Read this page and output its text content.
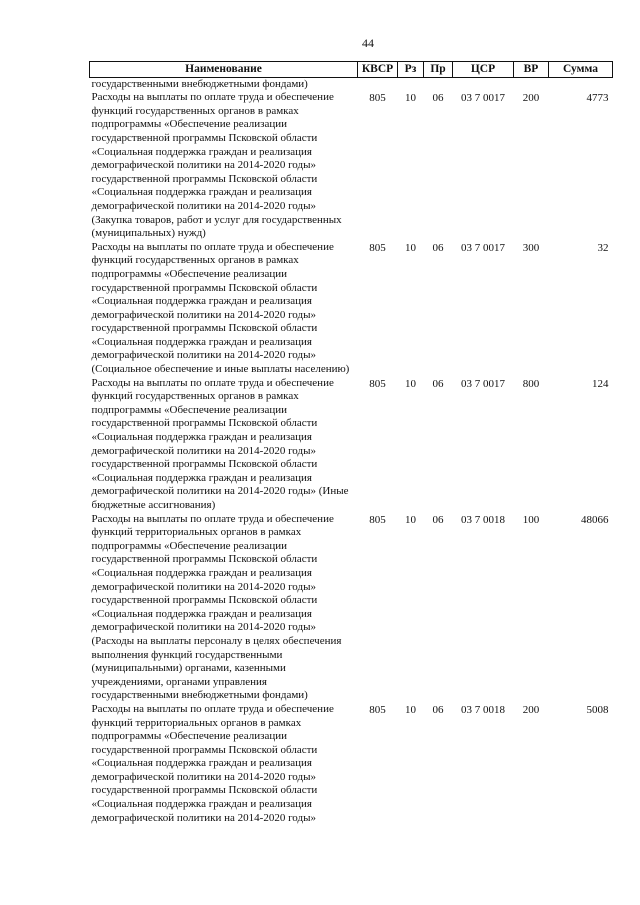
44
Наименование	КВСР	Рз	Пр	ЦСР	ВР	Сумма
государственными внебюджетными фондами)						
Расходы на выплаты по оплате труда и обеспечение функций государственных органов в рамках подпрограммы «Обеспечение реализации государственной программы Псковской области «Социальная поддержка граждан и реализация демографической политики на 2014-2020 годы» государственной программы Псковской области «Социальная поддержка граждан и реализация демографической политики на 2014-2020 годы» (Закупка товаров, работ и услуг для государственных (муниципальных) нужд)	805	10	06	03 7 0017	200	4773
Расходы на выплаты по оплате труда и обеспечение функций государственных органов в рамках подпрограммы «Обеспечение реализации государственной программы Псковской области «Социальная поддержка граждан и реализация демографической политики на 2014-2020 годы» государственной программы Псковской области «Социальная поддержка граждан и реализация демографической политики на 2014-2020 годы» (Социальное обеспечение и иные выплаты населению)	805	10	06	03 7 0017	300	32
Расходы на выплаты по оплате труда и обеспечение функций государственных органов в рамках подпрограммы «Обеспечение реализации государственной программы Псковской области «Социальная поддержка граждан и реализация демографической политики на 2014-2020 годы» государственной программы Псковской области «Социальная поддержка граждан и реализация демографической политики на 2014-2020 годы» (Иные бюджетные ассигнования)	805	10	06	03 7 0017	800	124
Расходы на выплаты по оплате труда и обеспечение функций территориальных органов в рамках подпрограммы «Обеспечение реализации государственной программы Псковской области «Социальная поддержка граждан и реализация демографической политики на 2014-2020 годы» государственной программы Псковской области «Социальная поддержка граждан и реализация демографической политики на 2014-2020 годы» (Расходы на выплаты персоналу в целях обеспечения выполнения функций государственными (муниципальными) органами, казенными учреждениями, органами управления государственными внебюджетными фондами)	805	10	06	03 7 0018	100	48066
Расходы на выплаты по оплате труда и обеспечение функций территориальных органов в рамках подпрограммы «Обеспечение реализации государственной программы Псковской области «Социальная поддержка граждан и реализация демографической политики на 2014-2020 годы» государственной программы Псковской области «Социальная поддержка граждан и реализация демографической политики на 2014-2020 годы»	805	10	06	03 7 0018	200	5008
